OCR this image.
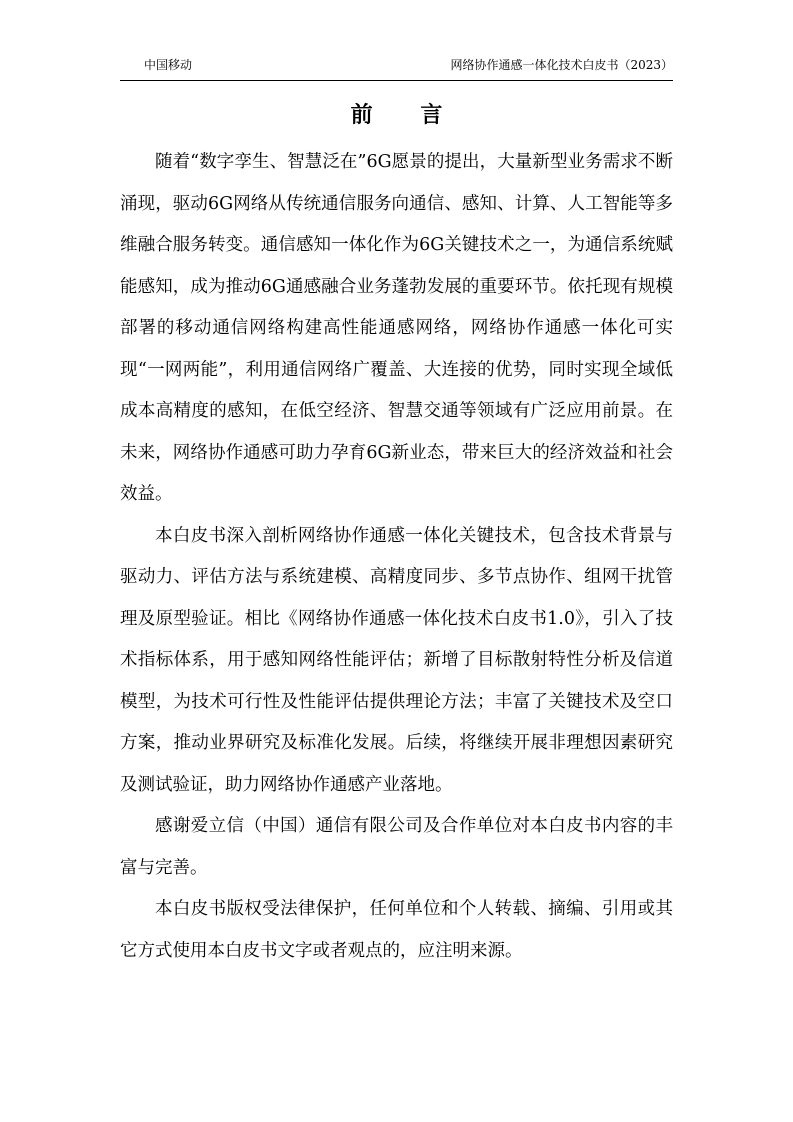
中国移动	网络协作通感一体化技术白皮书（2023）
前 言

随着“数字孪生、智慧泛在”6G愿景的提出，大量新型业务需求不断涌现，驱动6G网络从传统通信服务向通信、感知、计算、人工智能等多维融合服务转变。通信感知一体化作为6G关键技术之一，为通信系统赋能感知，成为推动6G通感融合业务蓬勃发展的重要环节。依托现有规模部署的移动通信网络构建高性能通感网络，网络协作通感一体化可实现“一网两能”，利用通信网络广覆盖、大连接的优势，同时实现全域低成本高精度的感知，在低空经济、智慧交通等领域有广泛应用前景。在未来，网络协作通感可助力孕育6G新业态，带来巨大的经济效益和社会效益。

本白皮书深入剖析网络协作通感一体化关键技术，包含技术背景与驱动力、评估方法与系统建模、高精度同步、多节点协作、组网干扰管理及原型验证。相比《网络协作通感一体化技术白皮书1.0》，引入了技术指标体系，用于感知网络性能评估；新增了目标散射特性分析及信道模型，为技术可行性及性能评估提供理论方法；丰富了关键技术及空口方案，推动业界研究及标准化发展。后续，将继续开展非理想因素研究及测试验证，助力网络协作通感产业落地。

感谢爱立信（中国）通信有限公司及合作单位对本白皮书内容的丰富与完善。

本白皮书版权受法律保护，任何单位和个人转载、摘编、引用或其它方式使用本白皮书文字或者观点的，应注明来源。
